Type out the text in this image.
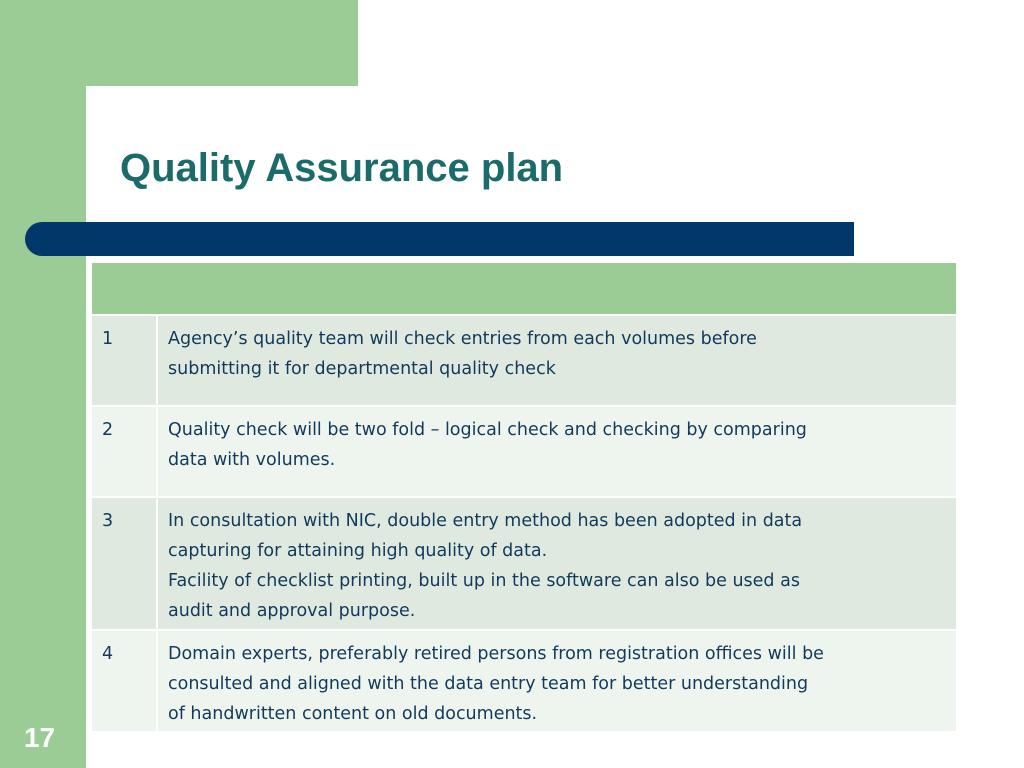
Quality Assurance plan

1	Agency’s quality team will check entries from each volumes before
submitting it for departmental quality check
2	Quality check will be two fold – logical check and checking by comparing
data with volumes.
3	In consultation with NIC, double entry method has been adopted in data
capturing for attaining high quality of data.
Facility of checklist printing, built up in the software can also be used as
audit and approval purpose.
4	Domain experts, preferably retired persons from registration offices will be
consulted and aligned with the data entry team for better understanding
of handwritten content on old documents.
17
